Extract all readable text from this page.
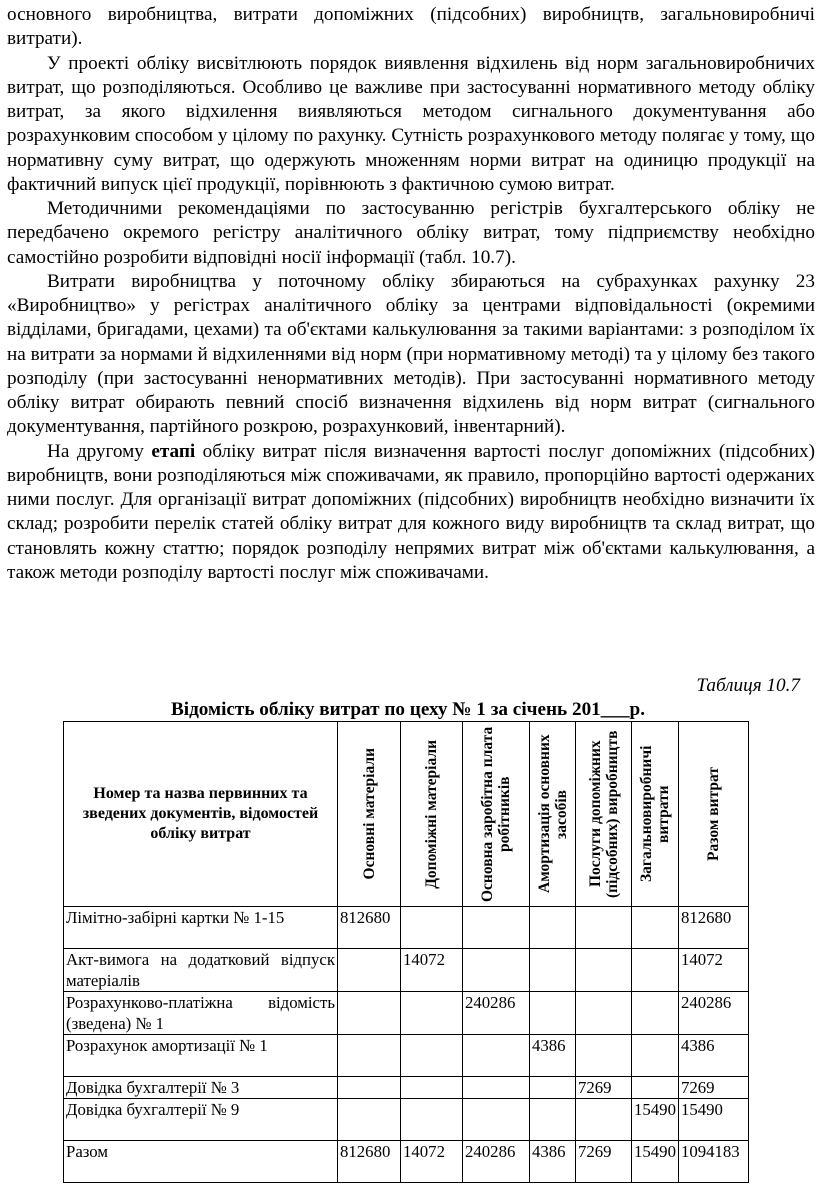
основного виробництва, витрати допоміжних (підсобних) виробництв, загальновиробничі витрати).

У проекті обліку висвітлюють порядок виявлення відхилень від норм загальновиробничих витрат, що розподіляються. Особливо це важливе при застосуванні нормативного методу обліку витрат, за якого відхилення виявляються методом сигнального документування або розрахунковим способом у цілому по рахунку. Сутність розрахункового методу полягає у тому, що нормативну суму витрат, що одержують множенням норми витрат на одиницю продукції на фактичний випуск цієї продукції, порівнюють з фактичною сумою витрат.

Методичними рекомендаціями по застосуванню регістрів бухгалтерського обліку не передбачено окремого регістру аналітичного обліку витрат, тому підприємству необхідно самостійно розробити відповідні носії інформації (табл. 10.7).

Витрати виробництва у поточному обліку збираються на субрахунках рахунку 23 «Виробництво» у регістрах аналітичного обліку за центрами відповідальності (окремими відділами, бригадами, цехами) та об'єктами калькулювання за такими варіантами: з розподілом їх на витрати за нормами й відхиленнями від норм (при нормативному методі) та у цілому без такого розподілу (при застосуванні ненормативних методів). При застосуванні нормативного методу обліку витрат обирають певний спосіб визначення відхилень від норм витрат (сигнального документування, партійного розкрою, розрахунковий, інвентарний).

На другому етапі обліку витрат після визначення вартості послуг допоміжних (підсобних) виробництв, вони розподіляються між споживачами, як правило, пропорційно вартості одержаних ними послуг. Для організації витрат допоміжних (підсобних) виробництв необхідно визначити їх склад; розробити перелік статей обліку витрат для кожного виду виробництв та склад витрат, що становлять кожну статтю; порядок розподілу непрямих витрат між об'єктами калькулювання, а також методи розподілу вартості послуг між споживачами.

Таблиця 10.7
Відомість обліку витрат по цеху № 1 за січень 201___р.
Номер та назва первинних та зведених документів, відомостей обліку витрат	Основні матеріали	Допоміжні матеріали	Основна заробітна плата робітників	Амортизація основних засобів	Послуги допоміжних (підсобних) виробництв	Загальновиробничі витрати	Разом витрат

Лімітно-забірні картки № 1-15	812680						812680
Акт-вимога на додатковий відпуск матеріалів		14072					14072
Розрахунково-платіжна відомість (зведена) № 1			240286				240286
Розрахунок амортизації № 1				4386			4386
Довідка бухгалтерії № 3					7269		7269
Довідка бухгалтерії № 9						15490	15490
Разом	812680	14072	240286	4386	7269	15490	1094183
